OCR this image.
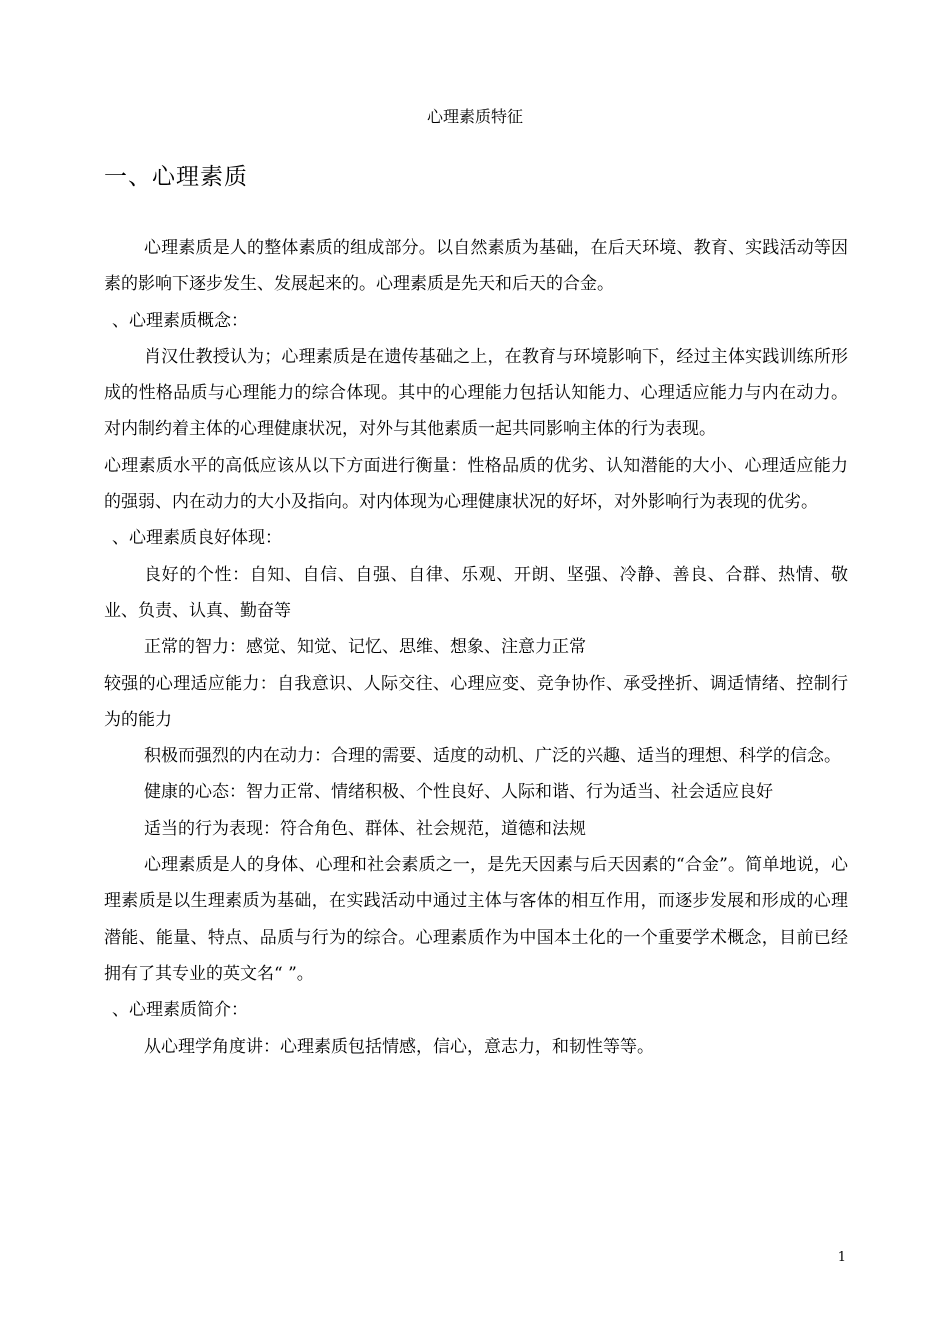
心理素质特征
一、心理素质

心理素质是人的整体素质的组成部分。以自然素质为基础，在后天环境、教育、实践活动等因素的影响下逐步发生、发展起来的。心理素质是先天和后天的合金。

、心理素质概念：

肖汉仕教授认为；心理素质是在遗传基础之上，在教育与环境影响下，经过主体实践训练所形成的性格品质与心理能力的综合体现。其中的心理能力包括认知能力、心理适应能力与内在动力。对内制约着主体的心理健康状况，对外与其他素质一起共同影响主体的行为表现。

心理素质水平的高低应该从以下方面进行衡量：性格品质的优劣、认知潜能的大小、心理适应能力的强弱、内在动力的大小及指向。对内体现为心理健康状况的好坏，对外影响行为表现的优劣。

、心理素质良好体现：

良好的个性：自知、自信、自强、自律、乐观、开朗、坚强、冷静、善良、合群、热情、敬业、负责、认真、勤奋等

正常的智力：感觉、知觉、记忆、思维、想象、注意力正常

较强的心理适应能力：自我意识、人际交往、心理应变、竞争协作、承受挫折、调适情绪、控制行为的能力

积极而强烈的内在动力：合理的需要、适度的动机、广泛的兴趣、适当的理想、科学的信念。

健康的心态：智力正常、情绪积极、个性良好、人际和谐、行为适当、社会适应良好

适当的行为表现：符合角色、群体、社会规范，道德和法规

心理素质是人的身体、心理和社会素质之一，是先天因素与后天因素的“合金”。简单地说，心理素质是以生理素质为基础，在实践活动中通过主体与客体的相互作用，而逐步发展和形成的心理潜能、能量、特点、品质与行为的综合。心理素质作为中国本土化的一个重要学术概念，目前已经拥有了其专业的英文名“ ”。

、心理素质简介：

从心理学角度讲：心理素质包括情感，信心，意志力，和韧性等等。

1
